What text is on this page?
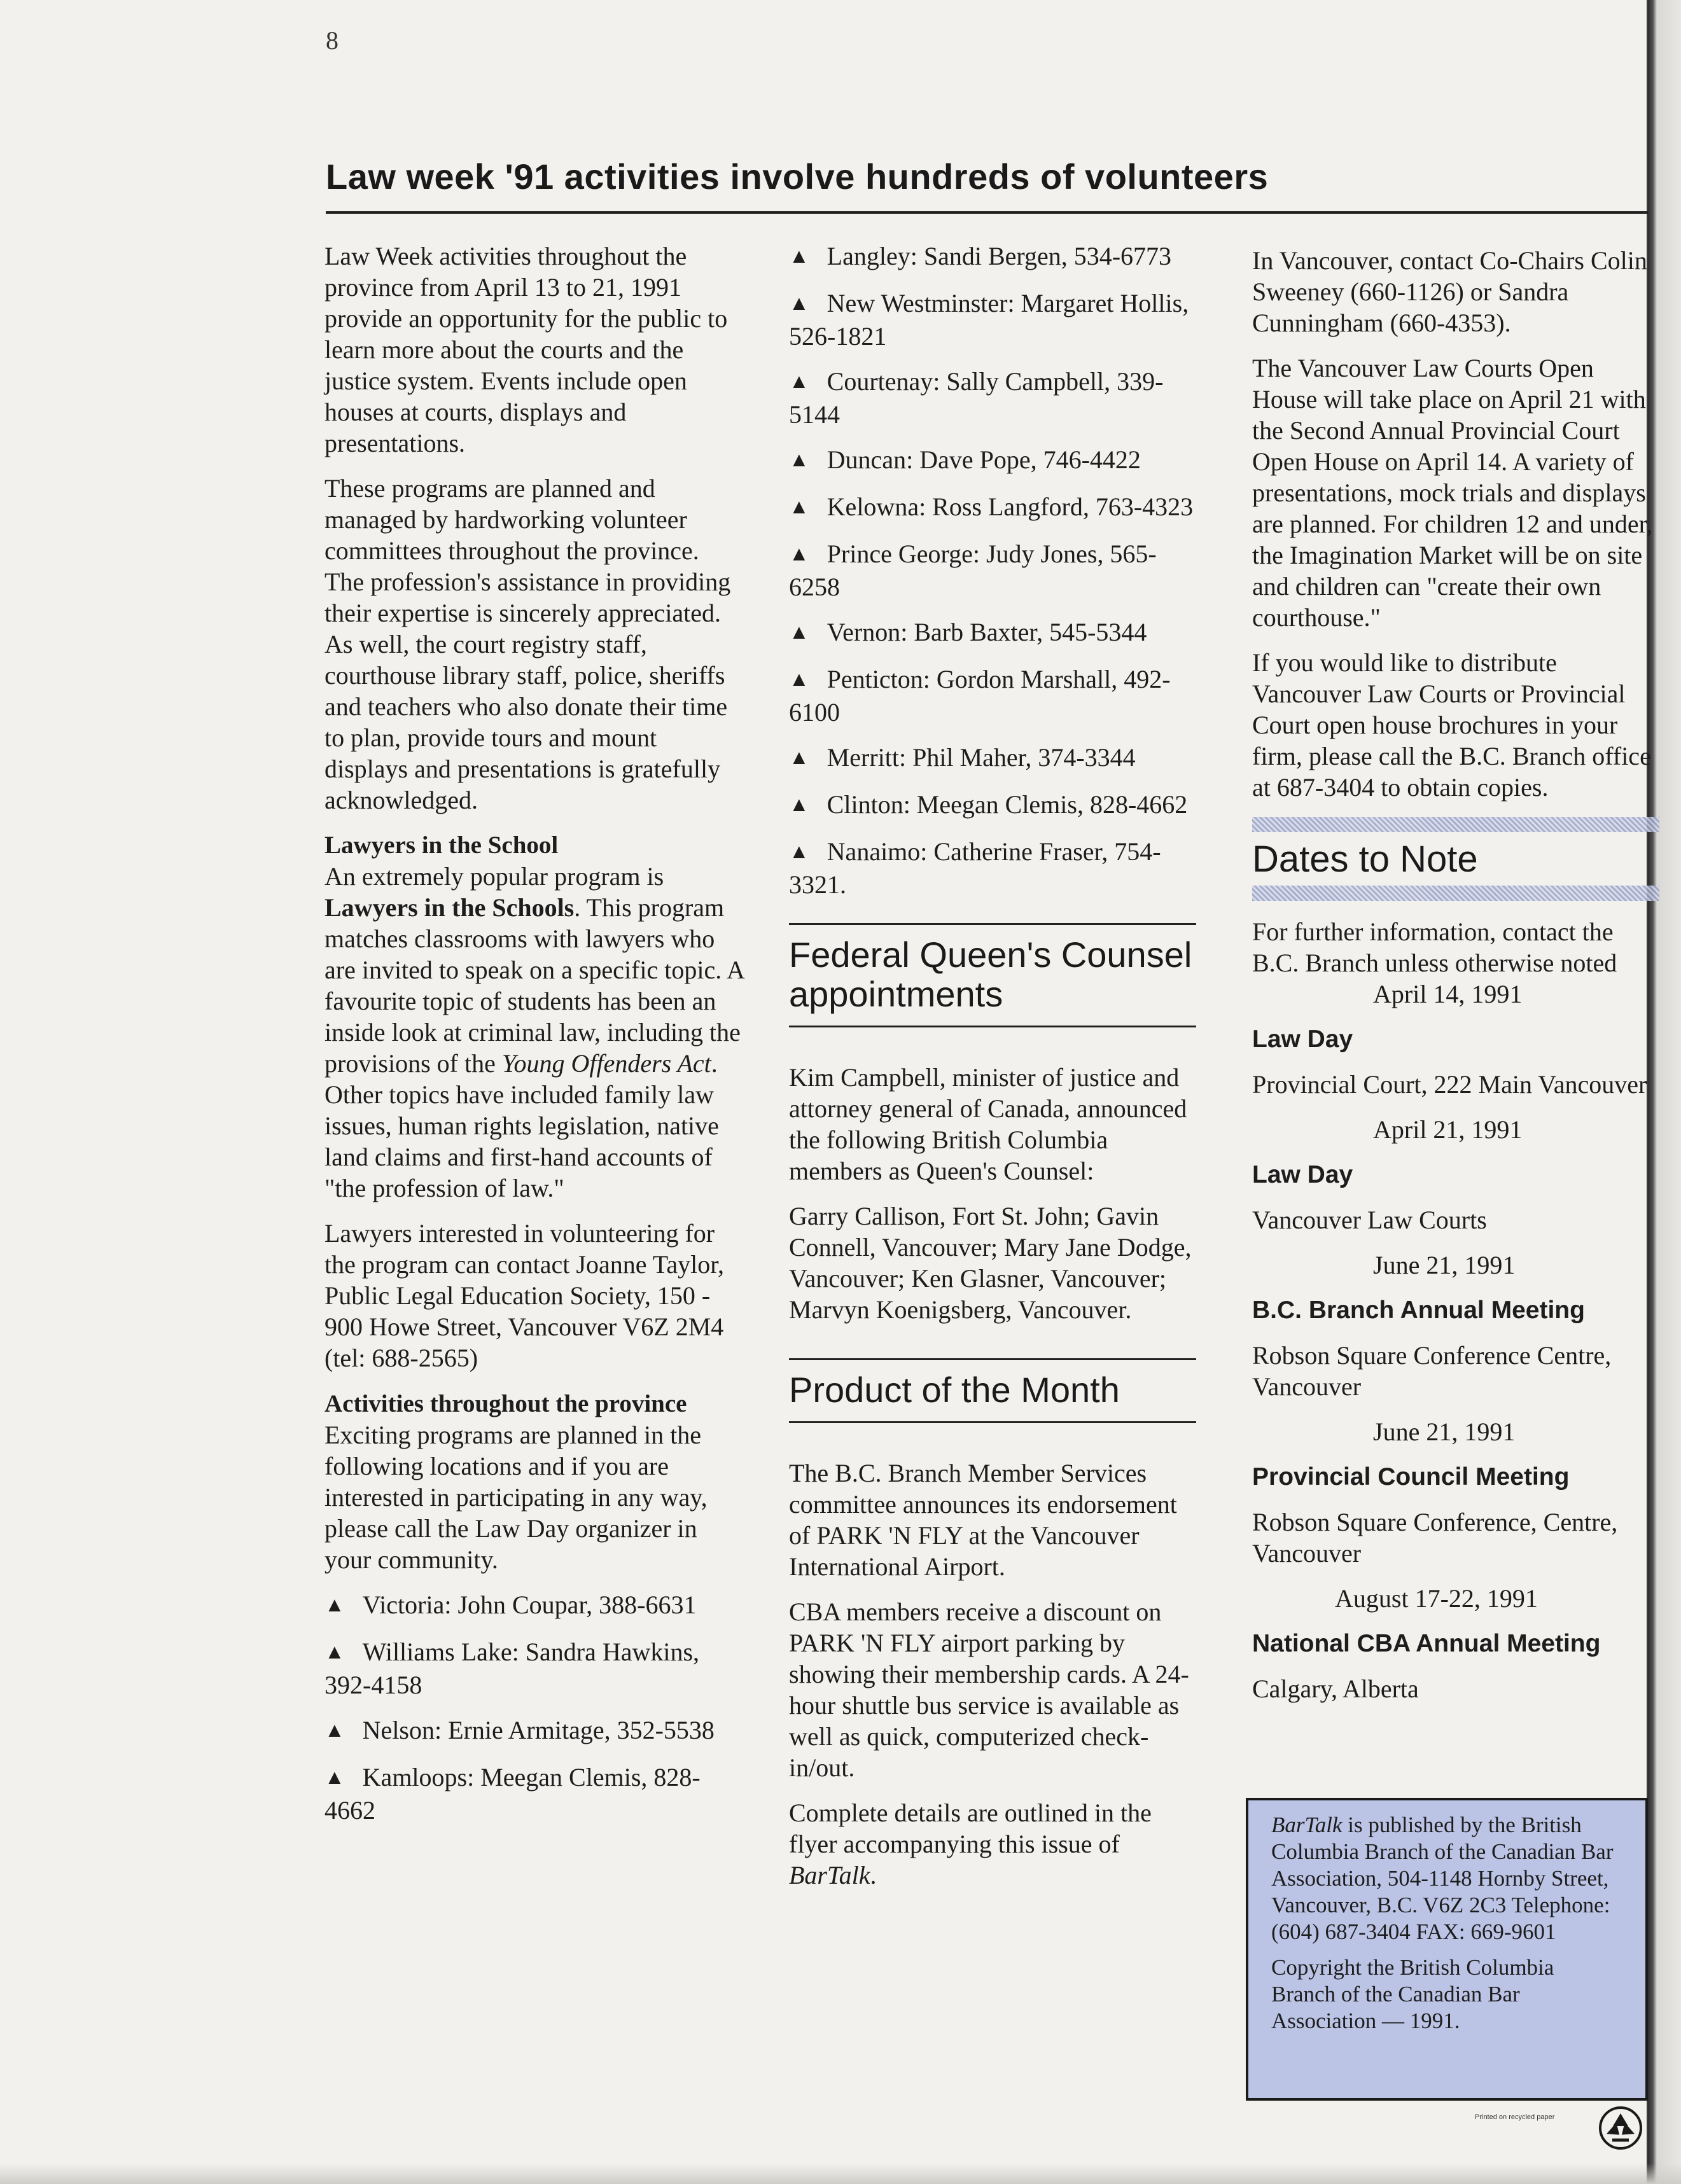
8
Law week '91 activities involve hundreds of volunteers

Law Week activities throughout the province from April 13 to 21, 1991 provide an opportunity for the public to learn more about the courts and the justice system. Events include open houses at courts, displays and presentations.

These programs are planned and managed by hardworking volunteer committees throughout the province. The profession's assistance in providing their expertise is sincerely appreciated. As well, the court registry staff, courthouse library staff, police, sheriffs and teachers who also donate their time to plan, provide tours and mount displays and presentations is gratefully acknowledged.

Lawyers in the School

An extremely popular program is Lawyers in the Schools. This program matches classrooms with lawyers who are invited to speak on a specific topic. A favourite topic of students has been an inside look at criminal law, including the provisions of the Young Offenders Act. Other topics have included family law issues, human rights legislation, native land claims and first-hand accounts of "the profession of law."

Lawyers interested in volunteering for the program can contact Joanne Taylor, Public Legal Education Society, 150 - 900 Howe Street, Vancouver V6Z 2M4 (tel: 688-2565)

Activities throughout the province Exciting programs are planned in the following locations and if you are interested in participating in any way, please call the Law Day organizer in your community.

▲ Victoria: John Coupar, 388-6631

▲ Williams Lake: Sandra Hawkins, 392-4158

▲ Nelson: Ernie Armitage, 352-5538

▲ Kamloops: Meegan Clemis, 828-4662

▲ Langley: Sandi Bergen, 534-6773

▲ New Westminster: Margaret Hollis, 526-1821

▲ Courtenay: Sally Campbell, 339-5144

▲ Duncan: Dave Pope, 746-4422

▲ Kelowna: Ross Langford, 763-4323

▲ Prince George: Judy Jones, 565-6258

▲ Vernon: Barb Baxter, 545-5344

▲ Penticton: Gordon Marshall, 492-6100

▲ Merritt: Phil Maher, 374-3344

▲ Clinton: Meegan Clemis, 828-4662

▲ Nanaimo: Catherine Fraser, 754-3321.

Federal Queen's Counsel appointments

Kim Campbell, minister of justice and attorney general of Canada, announced the following British Columbia members as Queen's Counsel:

Garry Callison, Fort St. John; Gavin Connell, Vancouver; Mary Jane Dodge, Vancouver; Ken Glasner, Vancouver; Marvyn Koenigsberg, Vancouver.

Product of the Month

The B.C. Branch Member Services committee announces its endorsement of PARK 'N FLY at the Vancouver International Airport.

CBA members receive a discount on PARK 'N FLY airport parking by showing their membership cards. A 24-hour shuttle bus service is available as well as quick, computerized check-in/out.

Complete details are outlined in the flyer accompanying this issue of BarTalk.

In Vancouver, contact Co-Chairs Colin Sweeney (660-1126) or Sandra Cunningham (660-4353).

The Vancouver Law Courts Open House will take place on April 21 with the Second Annual Provincial Court Open House on April 14. A variety of presentations, mock trials and displays are planned. For children 12 and under, the Imagination Market will be on site and children can "create their own courthouse."

If you would like to distribute Vancouver Law Courts or Provincial Court open house brochures in your firm, please call the B.C. Branch office at 687-3404 to obtain copies.

Dates to Note

For further information, contact the B.C. Branch unless otherwise noted

April 14, 1991

Law Day

Provincial Court, 222 Main Vancouver

April 21, 1991

Law Day

Vancouver Law Courts

June 21, 1991

B.C. Branch Annual Meeting

Robson Square Conference Centre, Vancouver

June 21, 1991

Provincial Council Meeting

Robson Square Conference, Centre, Vancouver

August 17-22, 1991

National CBA Annual Meeting

Calgary, Alberta

BarTalk is published by the British Columbia Branch of the Canadian Bar Association, 504-1148 Hornby Street, Vancouver, B.C. V6Z 2C3 Telephone: (604) 687-3404 FAX: 669-9601

Copyright the British Columbia Branch of the Canadian Bar Association — 1991.

Printed on recycled paper
